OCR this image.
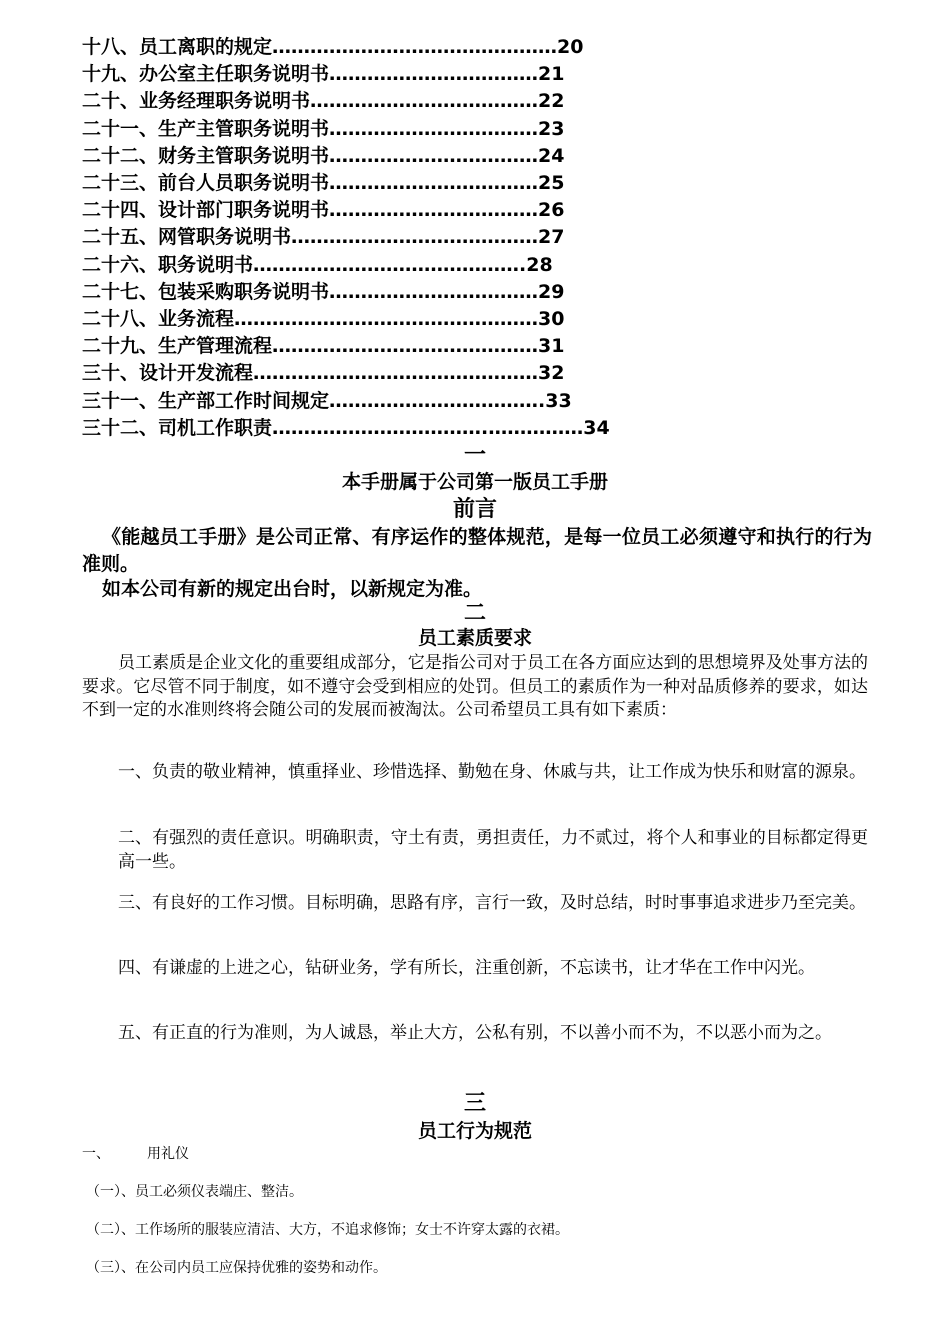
十八、员工离职的规定………………………………………20
十九、办公室主任职务说明书……………………………21
二十、业务经理职务说明书………………………………22
二十一、生产主管职务说明书……………………………23
二十二、财务主管职务说明书……………………………24
二十三、前台人员职务说明书……………………………25
二十四、设计部门职务说明书……………………………26
二十五、网管职务说明书…………………………………27
二十六、职务说明书…………………………………….28
二十七、包装采购职务说明书……………………………29
二十八、业务流程…………………………………………30
二十九、生产管理流程……………………………………31
三十、设计开发流程………………………………………32
三十一、生产部工作时间规定…………………………….33
三十二、司机工作职责…………………………….……………34
一
本手册属于公司第一版员工手册
前言
《能越员工手册》是公司正常、有序运作的整体规范，是每一位员工必须遵守和执行的行为准则。
如本公司有新的规定出台时，以新规定为准。
二
员工素质要求
员工素质是企业文化的重要组成部分，它是指公司对于员工在各方面应达到的思想境界及处事方法的要求。它尽管不同于制度，如不遵守会受到相应的处罚。但员工的素质作为一种对品质修养的要求，如达不到一定的水准则终将会随公司的发展而被淘汰。公司希望员工具有如下素质：
一、负责的敬业精神，慎重择业、珍惜选择、勤勉在身、休戚与共，让工作成为快乐和财富的源泉。
二、有强烈的责任意识。明确职责，守土有责，勇担责任，力不贰过，将个人和事业的目标都定得更高一些。
三、有良好的工作习惯。目标明确，思路有序，言行一致，及时总结，时时事事追求进步乃至完美。
四、有谦虚的上进之心，钻研业务，学有所长，注重创新，不忘读书，让才华在工作中闪光。
五、有正直的行为准则，为人诚恳，举止大方，公私有别，不以善小而不为，不以恶小而为之。
三
员工行为规范
一、	用礼仪
（一）、员工必须仪表端庄、整洁。
（二）、工作场所的服装应清洁、大方，不追求修饰；女士不许穿太露的衣裙。
（三）、在公司内员工应保持优雅的姿势和动作。
